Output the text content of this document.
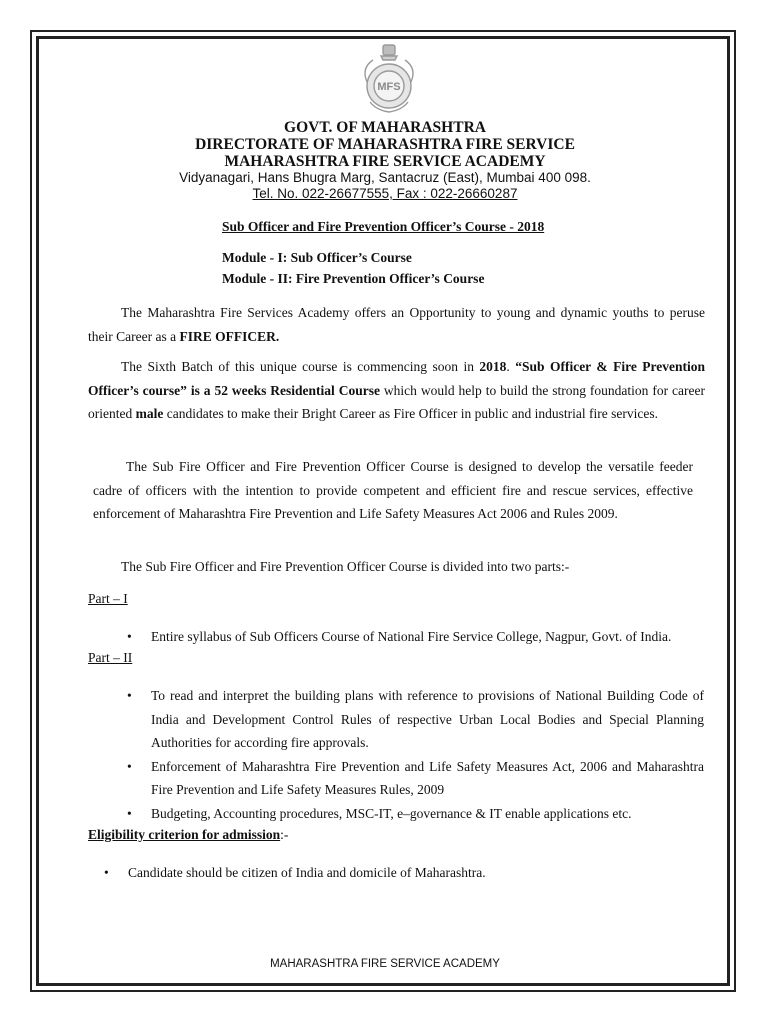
MFS
GOVT. OF MAHARASHTRA
DIRECTORATE OF MAHARASHTRA FIRE SERVICE
MAHARASHTRA FIRE SERVICE ACADEMY
Vidyanagari, Hans Bhugra Marg, Santacruz (East), Mumbai 400 098.
Tel. No. 022-26677555, Fax : 022-26660287
Sub Officer and Fire Prevention Officer’s Course - 2018
Module - I: Sub Officer’s Course
Module - II: Fire Prevention Officer’s Course
The Maharashtra Fire Services Academy offers an Opportunity to young and dynamic youths to peruse their Career as a FIRE OFFICER.
The Sixth Batch of this unique course is commencing soon in 2018. “Sub Officer & Fire Prevention Officer’s course” is a 52 weeks Residential Course which would help to build the strong foundation for career oriented male candidates to make their Bright Career as Fire Officer in public and industrial fire services.
The Sub Fire Officer and Fire Prevention Officer Course is designed to develop the versatile feeder cadre of officers with the intention to provide competent and efficient fire and rescue services, effective enforcement of Maharashtra Fire Prevention and Life Safety Measures Act 2006 and Rules 2009.
The Sub Fire Officer and Fire Prevention Officer Course is divided into two parts:-
Part – I
• Entire syllabus of Sub Officers Course of National Fire Service College, Nagpur, Govt. of India.
Part – II
• To read and interpret the building plans with reference to provisions of National Building Code of India and Development Control Rules of respective Urban Local Bodies and Special Planning Authorities for according fire approvals.
• Enforcement of Maharashtra Fire Prevention and Life Safety Measures Act, 2006 and Maharashtra Fire Prevention and Life Safety Measures Rules, 2009
• Budgeting, Accounting procedures, MSC-IT, e–governance & IT enable applications etc.
Eligibility criterion for admission:-
• Candidate should be citizen of India and domicile of Maharashtra.
MAHARASHTRA FIRE SERVICE ACADEMY
